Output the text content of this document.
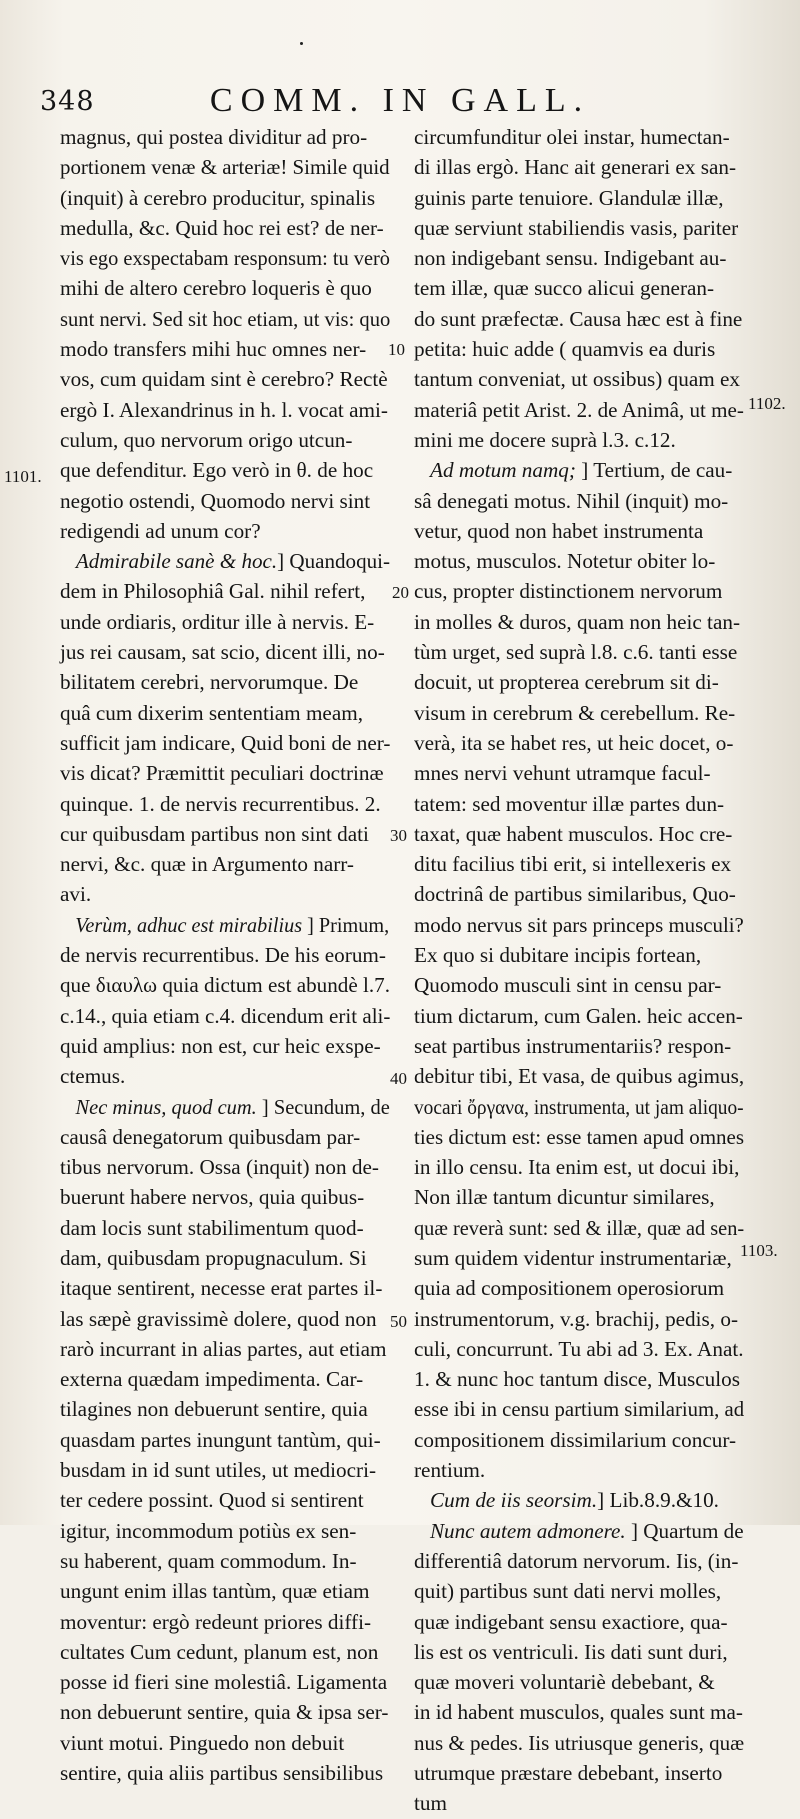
348	COMM. IN GALL.
magnus, qui postea dividitur ad pro-
portionem venæ & arteriæ! Simile quid
(inquit) à cerebro producitur, spinalis
medulla, &c. Quid hoc rei est? de ner-
vis ego exspectabam responsum: tu verò
mihi de altero cerebro loqueris è quo
sunt nervi. Sed sit hoc etiam, ut vis: quo
modo transfers mihi huc omnes ner-
vos, cum quidam sint è cerebro? Rectè
ergò I. Alexandrinus in h. l. vocat ami-
culum, quo nervorum origo utcun-
que defenditur. Ego verò in θ. de hoc
negotio ostendi, Quomodo nervi sint
redigendi ad unum cor?
Admirabile sanè & hoc.] Quandoqui-
dem in Philosophiâ Gal. nihil refert,
unde ordiaris, orditur ille à nervis. E-
jus rei causam, sat scio, dicent illi, no-
bilitatem cerebri, nervorumque. De
quâ cum dixerim sententiam meam,
sufficit jam indicare, Quid boni de ner-
vis dicat? Præmittit peculiari doctrinæ
quinque. 1. de nervis recurrentibus. 2.
cur quibusdam partibus non sint dati
nervi, &c. quæ in Argumento narr-
avi.
Verùm, adhuc est mirabilius ] Primum,
de nervis recurrentibus. De his eorum-
que διαυλω quia dictum est abundè l.7.
c.14., quia etiam c.4. dicendum erit ali-
quid amplius: non est, cur heic exspe-
ctemus.
Nec minus, quod cum. ] Secundum, de
causâ denegatorum quibusdam par-
tibus nervorum. Ossa (inquit) non de-
buerunt habere nervos, quia quibus-
dam locis sunt stabilimentum quod-
dam, quibusdam propugnaculum. Si
itaque sentirent, necesse erat partes il-
las sæpè gravissimè dolere, quod non
rarò incurrant in alias partes, aut etiam
externa quædam impedimenta. Car-
tilagines non debuerunt sentire, quia
quasdam partes inungunt tantùm, qui-
busdam in id sunt utiles, ut mediocri-
ter cedere possint. Quod si sentirent
igitur, incommodum potiùs ex sen-
su haberent, quam commodum. In-
ungunt enim illas tantùm, quæ etiam
moventur: ergò redeunt priores diffi-
cultates Cum cedunt, planum est, non
posse id fieri sine molestiâ. Ligamenta
non debuerunt sentire, quia & ipsa ser-
viunt motui. Pinguedo non debuit
sentire, quia aliis partibus sensibilibus
circumfunditur olei instar, humectan-
di illas ergò. Hanc ait generari ex san-
guinis parte tenuiore. Glandulæ illæ,
quæ serviunt stabiliendis vasis, pariter
non indigebant sensu. Indigebant au-
tem illæ, quæ succo alicui generan-
do sunt præfectæ. Causa hæc est à fine
petita: huic adde ( quamvis ea duris
tantum conveniat, ut ossibus) quam ex
materiâ petit Arist. 2. de Animâ, ut me-
mini me docere suprà l.3. c.12.
Ad motum namq; ] Tertium, de cau-
sâ denegati motus. Nihil (inquit) mo-
vetur, quod non habet instrumenta
motus, musculos. Notetur obiter lo-
cus, propter distinctionem nervorum
in molles & duros, quam non heic tan-
tùm urget, sed suprà l.8. c.6. tanti esse
docuit, ut propterea cerebrum sit di-
visum in cerebrum & cerebellum. Re-
verà, ita se habet res, ut heic docet, o-
mnes nervi vehunt utramque facul-
tatem: sed moventur illæ partes dun-
taxat, quæ habent musculos. Hoc cre-
ditu facilius tibi erit, si intellexeris ex
doctrinâ de partibus similaribus, Quo-
modo nervus sit pars princeps musculi?
Ex quo si dubitare incipis fortean,
Quomodo musculi sint in censu par-
tium dictarum, cum Galen. heic accen-
seat partibus instrumentariis? respon-
debitur tibi, Et vasa, de quibus agimus,
vocari ὄργανα, instrumenta, ut jam aliquo-
ties dictum est: esse tamen apud omnes
in illo censu. Ita enim est, ut docui ibi,
Non illæ tantum dicuntur similares,
quæ reverà sunt: sed & illæ, quæ ad sen-
sum quidem videntur instrumentariæ,
quia ad compositionem operosiorum
instrumentorum, v.g. brachij, pedis, o-
culi, concurrunt. Tu abi ad 3. Ex. Anat.
1. & nunc hoc tantum disce, Musculos
esse ibi in censu partium similarium, ad
compositionem dissimilarium concur-
rentium.
Cum de iis seorsim.] Lib.8.9.&10.
Nunc autem admonere. ] Quartum de
differentiâ datorum nervorum. Iis, (in-
quit) partibus sunt dati nervi molles,
quæ indigebant sensu exactiore, qua-
lis est os ventriculi. Iis dati sunt duri,
quæ moveri voluntariè debebant, &
in id habent musculos, quales sunt ma-
nus & pedes. Iis utriusque generis, quæ
utrumque præstare debebant, inserto
tum
1101.
1102.
1103.
10
20
30
40
50
